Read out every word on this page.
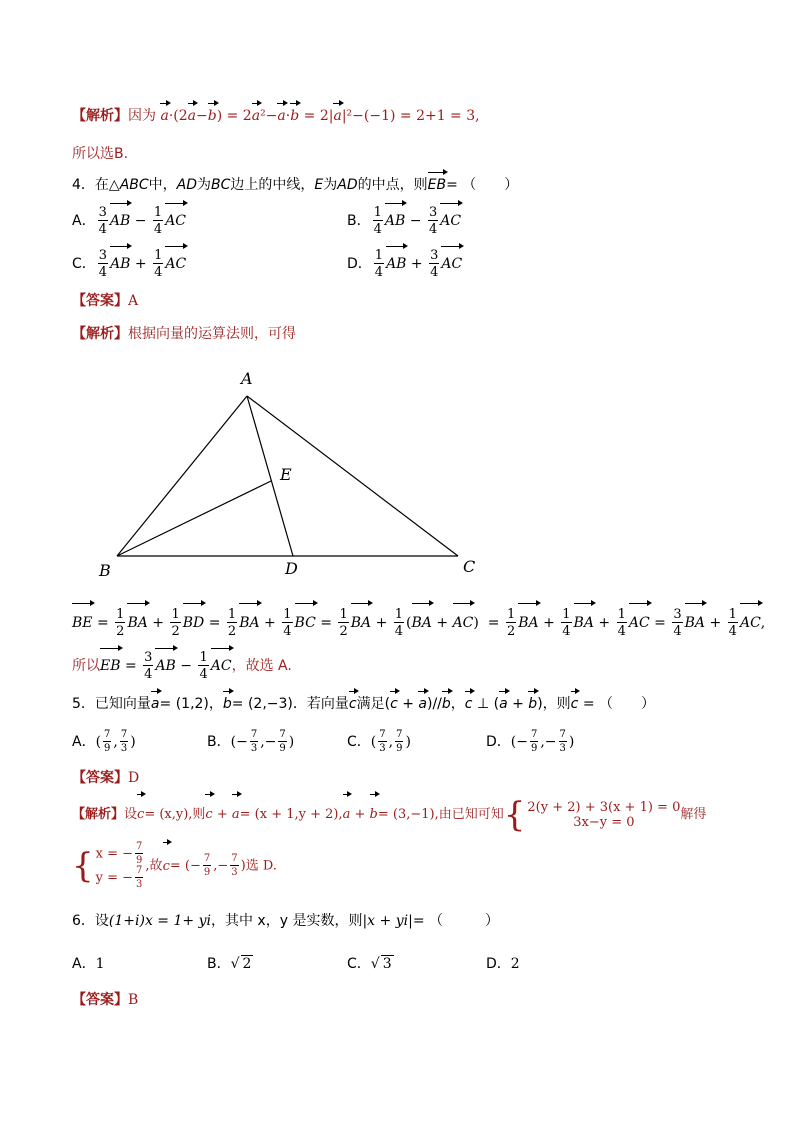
【解析】因为 a·(2a−b) = 2a²−a·b = 2|a|²−(−1) = 2+1 = 3,
所以选B.
4．在△ABC中，AD为BC边上的中线，E为AD的中点，则EB= （　　）
A． $\frac{3}{4}$ AB − $\frac{1}{4}$ AC	B． $\frac{1}{4}$ AB − $\frac{3}{4}$ AC
C． $\frac{3}{4}$ AB + $\frac{1}{4}$ AC	D． $\frac{1}{4}$ AB + $\frac{3}{4}$ AC
【答案】A
【解析】根据向量的运算法则，可得
A
B	C
D
E
BE = $\frac{1}{2}$ BA + $\frac{1}{2}$ BD = $\frac{1}{2}$ BA + $\frac{1}{4}$ BC = $\frac{1}{2}$ BA + $\frac{1}{4} (BA + AC) = \frac{1}{2}$ BA + $\frac{1}{4}$ BA + $\frac{1}{4}$ AC = $\frac{3}{4}$ BA + $\frac{1}{4}$ AC,
所以EB = $\frac{3}{4}$ AB − $\frac{1}{4}$ AC，故选 A.
5．已知向量a= (1,2)，b= (2,−3)．若向量c满足(c + a)//b，c ⊥ (a + b)，则c = （　　）
A．( $\frac{7}{9}$ , $\frac{7}{3}$ )	B．(− $\frac{7}{3}$ ,− $\frac{7}{9}$ )	C．( $\frac{7}{3}$ , $\frac{7}{9}$ )	D．(− $\frac{7}{9}$ ,− $\frac{7}{3}$ )
【答案】D
【解析】设c= (x,y),则c + a= (x + 1,y + 2),a + b= (3,−1),由已知可知{ 2(y + 2) + 3(x + 1) = 0
3x−y = 0	解得
{ x = − $\frac{7}{9}$
y = − $\frac{7}{3}$ ,故c= (− $\frac{7}{9}$ ,− $\frac{7}{3}$ )选 D.
6．设(1+i)x = 1+ yi，其中 x，y 是实数，则|x + yi|= （　　　）
A．1	B．√ 2	C．√ 3	D．2
【答案】B
